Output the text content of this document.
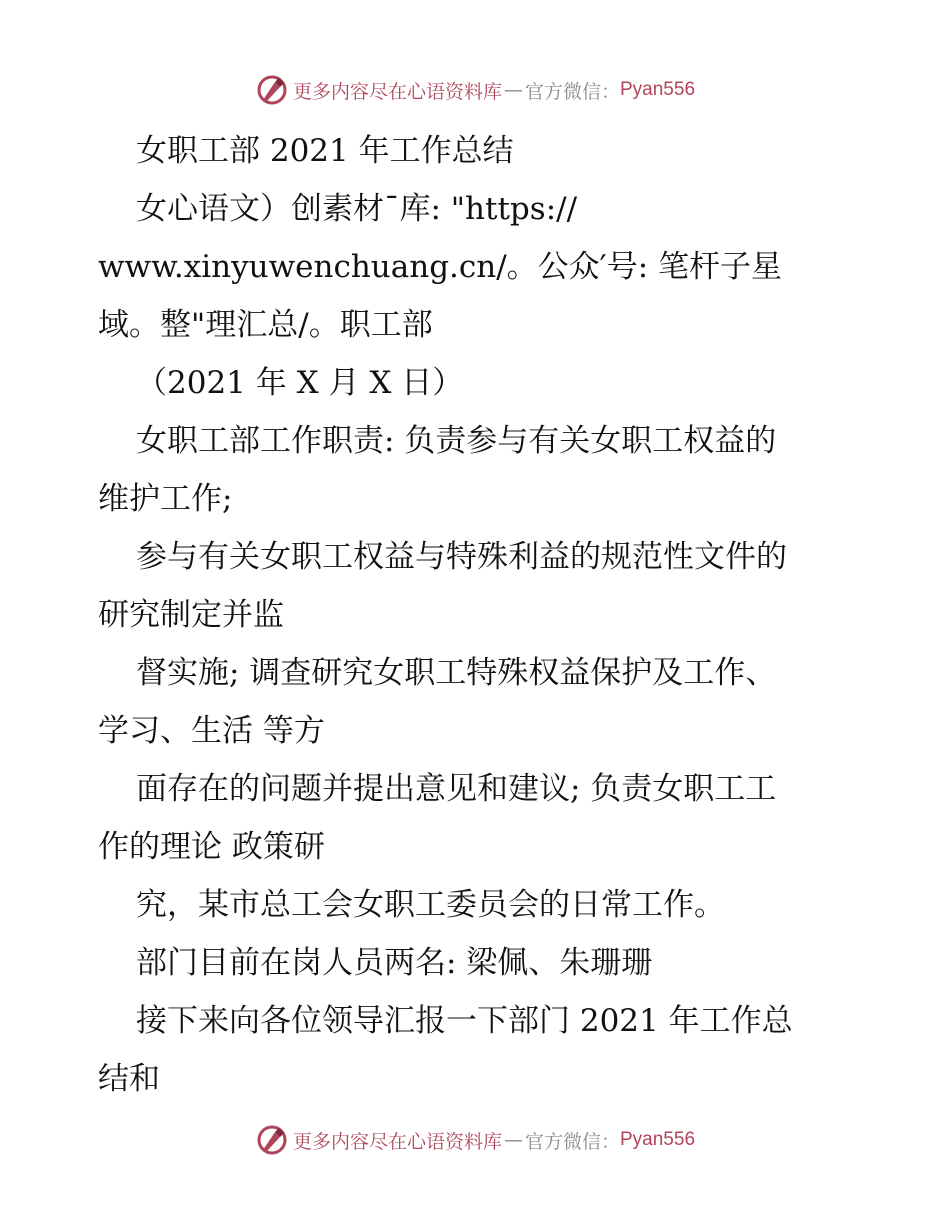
更多内容尽在心语资料库 — 官方微信： Pyan556
女职工部 2021 年工作总结
女心语文）创素材¯库: "https://
www.xinyuwenchuang.cn/。公众′号: 笔杆子星
域。整"理汇总/。职工部
（2021 年 X 月 X 日）
女职工部工作职责: 负责参与有关女职工权益的
维护工作;
参与有关女职工权益与特殊利益的规范性文件的
研究制定并监
督实施; 调查研究女职工特殊权益保护及工作、
学习、生活 等方
面存在的问题并提出意见和建议; 负责女职工工
作的理论 政策研
究，某市总工会女职工委员会的日常工作。
部门目前在岗人员两名: 梁佩、朱珊珊
接下来向各位领导汇报一下部门 2021 年工作总
结和
更多内容尽在心语资料库 — 官方微信： Pyan556
